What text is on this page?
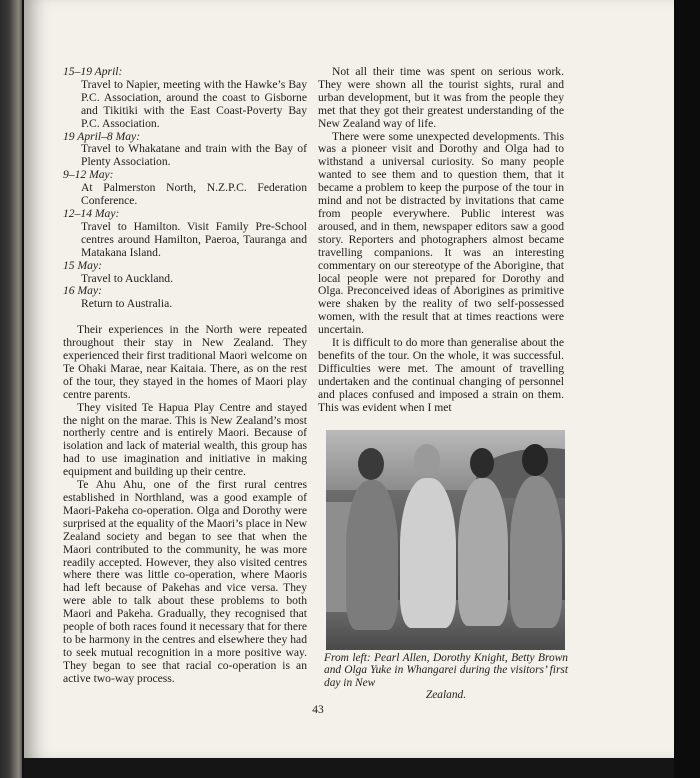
15–19 April:
Travel to Napier, meeting with the Hawke’s Bay P.C. Association, around the coast to Gisborne and Tikitiki with the East Coast-Poverty Bay P.C. Association.
19 April–8 May:
Travel to Whakatane and train with the Bay of Plenty Association.
9–12 May:
At Palmerston North, N.Z.P.C. Federation Conference.
12–14 May:
Travel to Hamilton. Visit Family Pre-School centres around Hamilton, Paeroa, Tauranga and Matakana Island.
15 May:
Travel to Auckland.
16 May:
Return to Australia.

Their experiences in the North were repeated throughout their stay in New Zealand. They experienced their first traditional Maori welcome on Te Ohaki Marae, near Kaitaia. There, as on the rest of the tour, they stayed in the homes of Maori play centre parents.

They visited Te Hapua Play Centre and stayed the night on the marae. This is New Zealand’s most northerly centre and is entirely Maori. Because of isolation and lack of material wealth, this group has had to use imagination and initiative in making equipment and building up their centre.

Te Ahu Ahu, one of the first rural centres established in Northland, was a good example of Maori-Pakeha co-operation. Olga and Dorothy were surprised at the equality of the Maori’s place in New Zealand society and began to see that when the Maori contributed to the community, he was more readily accepted. However, they also visited centres where there was little co-operation, where Maoris had left because of Pakehas and vice versa. They were able to talk about these problems to both Maori and Pakeha. Gradually, they recognised that people of both races found it necessary that for there to be harmony in the centres and elsewhere they had to seek mutual recognition in a more positive way. They began to see that racial co-operation is an active two-way process.

Not all their time was spent on serious work. They were shown all the tourist sights, rural and urban development, but it was from the people they met that they got their greatest understanding of the New Zealand way of life.

There were some unexpected developments. This was a pioneer visit and Dorothy and Olga had to withstand a universal curiosity. So many people wanted to see them and to question them, that it became a problem to keep the purpose of the tour in mind and not be distracted by invitations that came from people everywhere. Public interest was aroused, and in them, newspaper editors saw a good story. Reporters and photographers almost became travelling companions. It was an interesting commentary on our stereotype of the Aborigine, that local people were not prepared for Dorothy and Olga. Preconceived ideas of Aborigines as primitive were shaken by the reality of two self-possessed women, with the result that at times reactions were uncertain.

It is difficult to do more than generalise about the benefits of the tour. On the whole, it was successful. Difficulties were met. The amount of travelling undertaken and the continual changing of personnel and places confused and imposed a strain on them. This was evident when I met

From left: Pearl Allen, Dorothy Knight, Betty Brown and Olga Yuke in Whangarei during the visitors’ first day in New
Zealand.
43
